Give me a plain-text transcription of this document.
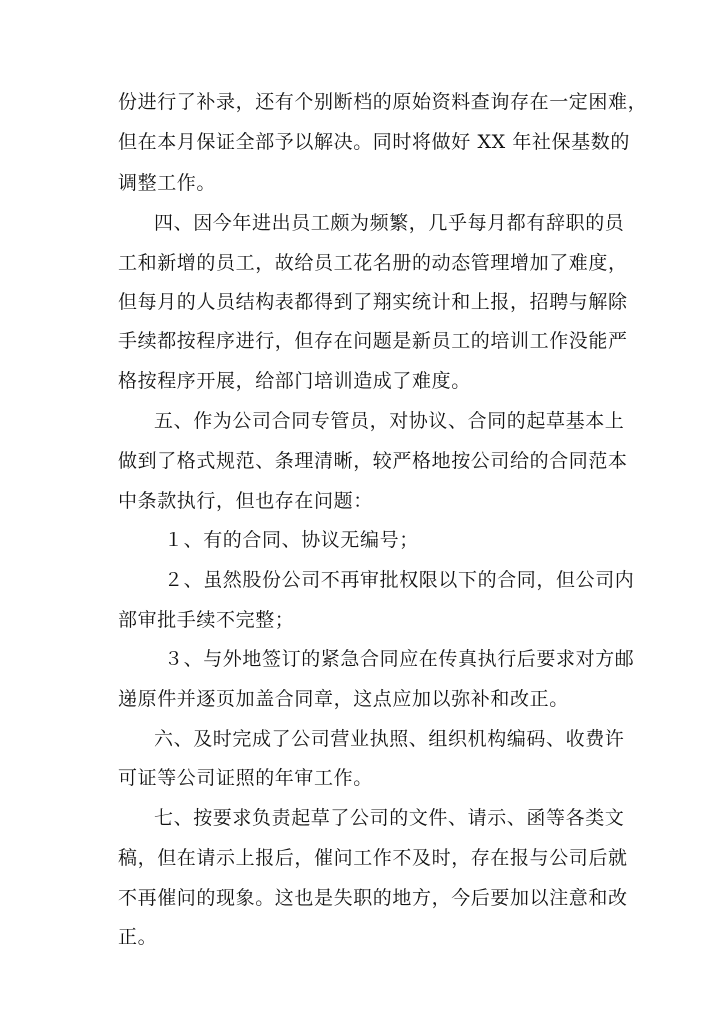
份进行了补录，还有个别断档的原始资料查询存在一定困难，
但在本月保证全部予以解决。同时将做好 XX 年社保基数的
调整工作。
四、因今年进出员工颇为频繁，几乎每月都有辞职的员
工和新增的员工，故给员工花名册的动态管理增加了难度，
但每月的人员结构表都得到了翔实统计和上报，招聘与解除
手续都按程序进行，但存在问题是新员工的培训工作没能严
格按程序开展，给部门培训造成了难度。
五、作为公司合同专管员，对协议、合同的起草基本上
做到了格式规范、条理清晰，较严格地按公司给的合同范本
中条款执行，但也存在问题：
１、有的合同、协议无编号；
２、虽然股份公司不再审批权限以下的合同，但公司内
部审批手续不完整；
３、与外地签订的紧急合同应在传真执行后要求对方邮
递原件并逐页加盖合同章，这点应加以弥补和改正。
六、及时完成了公司营业执照、组织机构编码、收费许
可证等公司证照的年审工作。
七、按要求负责起草了公司的文件、请示、函等各类文
稿，但在请示上报后，催问工作不及时，存在报与公司后就
不再催问的现象。这也是失职的地方，今后要加以注意和改
正。
